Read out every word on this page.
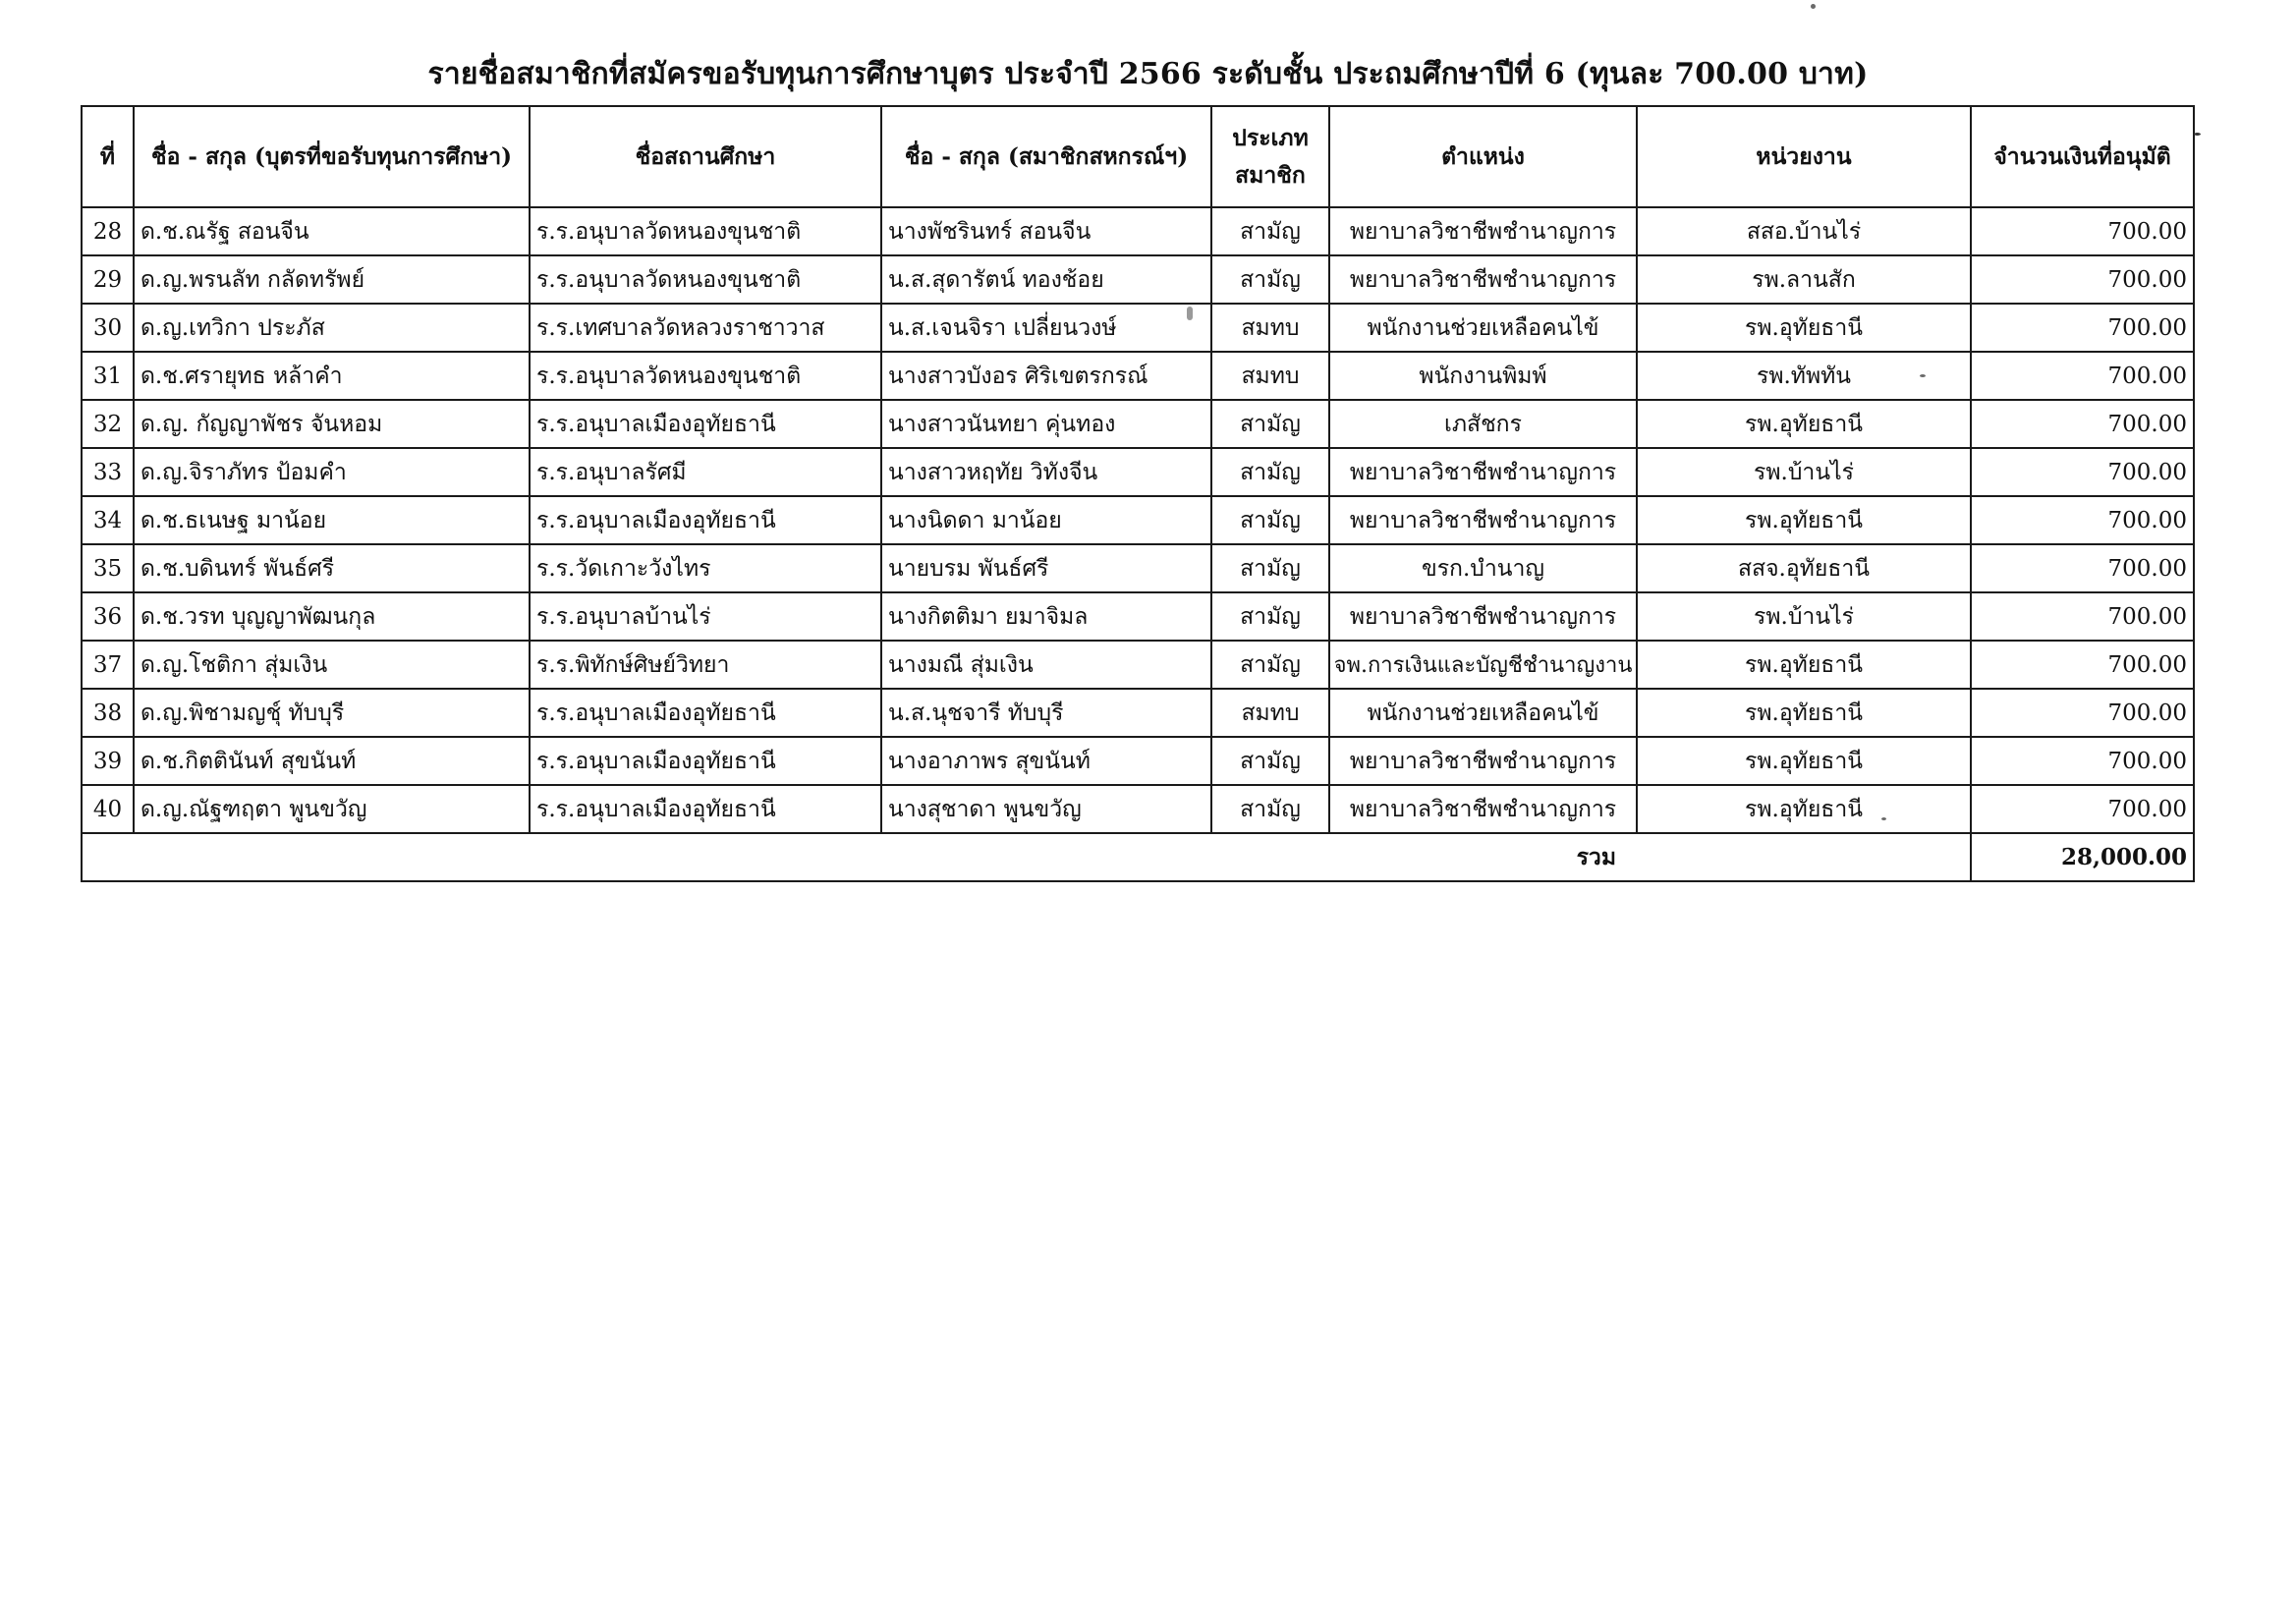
รายชื่อสมาชิกที่สมัครขอรับทุนการศึกษาบุตร ประจำปี 2566 ระดับชั้น ประถมศึกษาปีที่ 6 (ทุนละ 700.00 บาท)
ที่	ชื่อ - สกุล (บุตรที่ขอรับทุนการศึกษา)	ชื่อสถานศึกษา	ชื่อ - สกุล (สมาชิกสหกรณ์ฯ)	ประเภท
สมาชิก	ตำแหน่ง	หน่วยงาน	จำนวนเงินที่อนุมัติ
28	ด.ช.ณรัฐ สอนจีน	ร.ร.อนุบาลวัดหนองขุนชาติ	นางพัชรินทร์ สอนจีน	สามัญ	พยาบาลวิชาชีพชำนาญการ	สสอ.บ้านไร่	700.00
29	ด.ญ.พรนลัท กลัดทรัพย์	ร.ร.อนุบาลวัดหนองขุนชาติ	น.ส.สุดารัตน์ ทองช้อย	สามัญ	พยาบาลวิชาชีพชำนาญการ	รพ.ลานสัก	700.00
30	ด.ญ.เทวิกา ประภัส	ร.ร.เทศบาลวัดหลวงราชาวาส	น.ส.เจนจิรา เปลี่ยนวงษ์	สมทบ	พนักงานช่วยเหลือคนไข้	รพ.อุทัยธานี	700.00
31	ด.ช.ศรายุทธ หล้าคำ	ร.ร.อนุบาลวัดหนองขุนชาติ	นางสาวบังอร ศิริเขตรกรณ์	สมทบ	พนักงานพิมพ์	รพ.ทัพทัน	700.00
32	ด.ญ. กัญญาพัชร จันหอม	ร.ร.อนุบาลเมืองอุทัยธานี	นางสาวนันทยา คุ่นทอง	สามัญ	เภสัชกร	รพ.อุทัยธานี	700.00
33	ด.ญ.จิราภัทร ป้อมคำ	ร.ร.อนุบาลรัศมี	นางสาวหฤทัย วิทังจีน	สามัญ	พยาบาลวิชาชีพชำนาญการ	รพ.บ้านไร่	700.00
34	ด.ช.ธเนษฐ มาน้อย	ร.ร.อนุบาลเมืองอุทัยธานี	นางนิดดา มาน้อย	สามัญ	พยาบาลวิชาชีพชำนาญการ	รพ.อุทัยธานี	700.00
35	ด.ช.บดินทร์ พันธ์ศรี	ร.ร.วัดเกาะวังไทร	นายบรม พันธ์ศรี	สามัญ	ขรก.บำนาญ	สสจ.อุทัยธานี	700.00
36	ด.ช.วรท บุญญาพัฒนกุล	ร.ร.อนุบาลบ้านไร่	นางกิตติมา ยมาจิมล	สามัญ	พยาบาลวิชาชีพชำนาญการ	รพ.บ้านไร่	700.00
37	ด.ญ.โชติกา สุ่มเงิน	ร.ร.พิทักษ์ศิษย์วิทยา	นางมณี สุ่มเงิน	สามัญ	จพ.การเงินและบัญชีชำนาญงาน	รพ.อุทัยธานี	700.00
38	ด.ญ.พิชามญชุ์ ทับบุรี	ร.ร.อนุบาลเมืองอุทัยธานี	น.ส.นุชจารี ทับบุรี	สมทบ	พนักงานช่วยเหลือคนไข้	รพ.อุทัยธานี	700.00
39	ด.ช.กิตตินันท์ สุขนันท์	ร.ร.อนุบาลเมืองอุทัยธานี	นางอาภาพร สุขนันท์	สามัญ	พยาบาลวิชาชีพชำนาญการ	รพ.อุทัยธานี	700.00
40	ด.ญ.ณัฐฑฤตา พูนขวัญ	ร.ร.อนุบาลเมืองอุทัยธานี	นางสุชาดา พูนขวัญ	สามัญ	พยาบาลวิชาชีพชำนาญการ	รพ.อุทัยธานี	700.00
รวม							28,000.00
